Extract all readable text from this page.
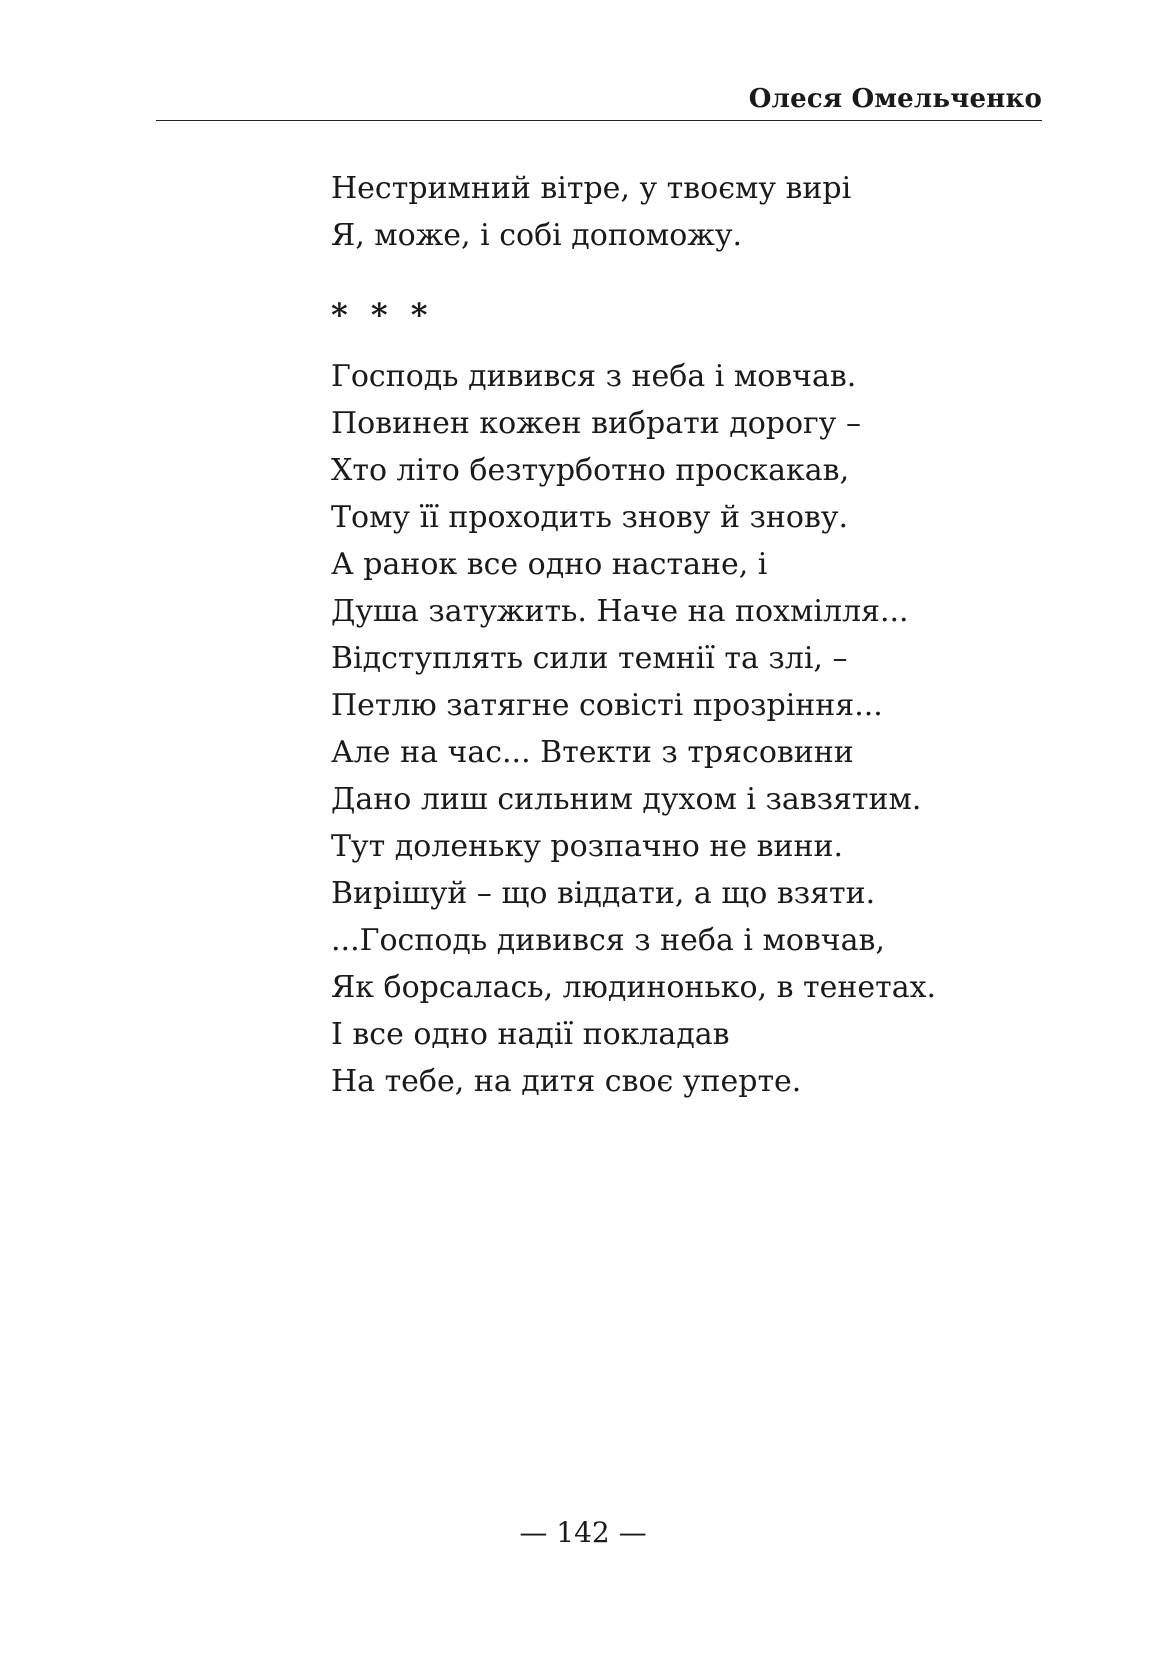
Олеся Омельченко
Нестримний вітре, у твоєму вирі
Я, може, і собі допоможу.
* * *
Господь дивився з неба і мовчав.
Повинен кожен вибрати дорогу –
Хто літо безтурботно проскакав,
Тому її проходить знову й знову.
А ранок все одно настане, і
Душа затужить. Наче на похмілля...
Відступлять сили темнії та злі, –
Петлю затягне совісті прозріння...
Але на час... Втекти з трясовини
Дано лиш сильним духом і завзятим.
Тут доленьку розпачно не вини.
Вирішуй – що віддати, а що взяти.
...Господь дивився з неба і мовчав,
Як борсалась, людинонько, в тенетах.
І все одно надії покладав
На тебе, на дитя своє уперте.
— 142 —
